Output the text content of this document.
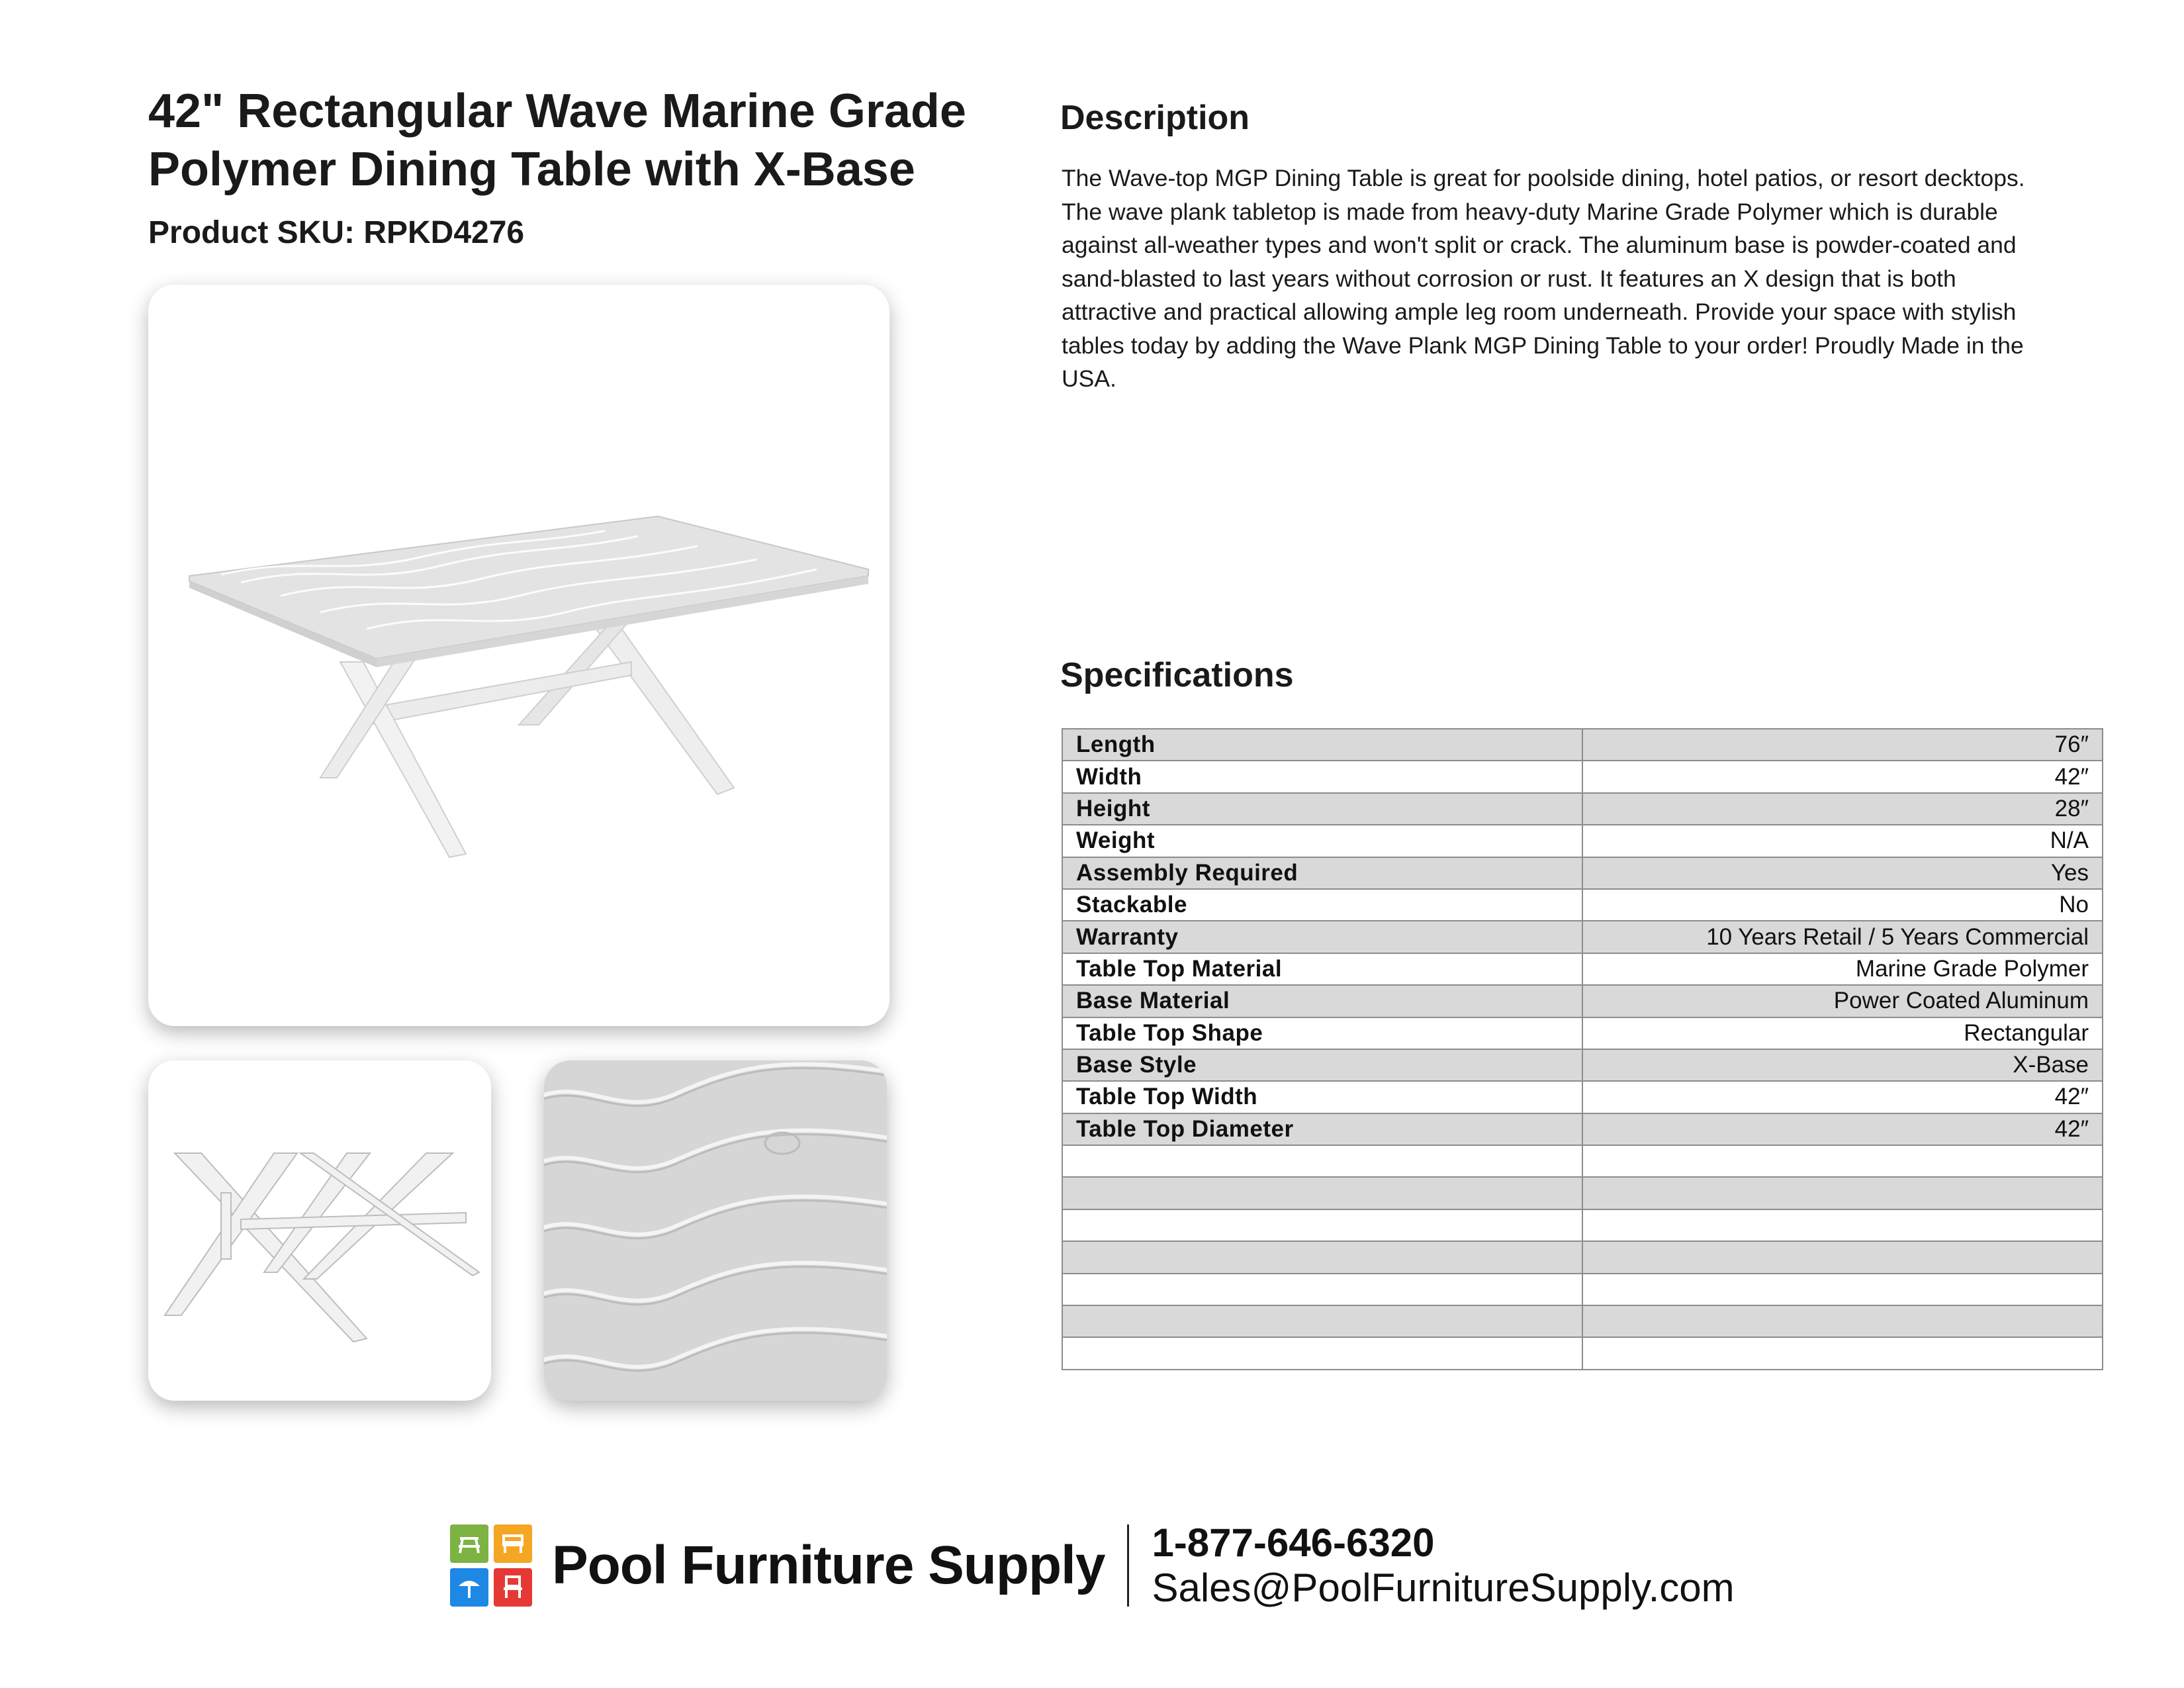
42" Rectangular Wave Marine Grade
Polymer Dining Table with X-Base
Product SKU: RPKD4276
Description

The Wave-top MGP Dining Table is great for poolside dining, hotel patios, or resort decktops. The wave plank tabletop is made from heavy-duty Marine Grade Polymer which is durable against all-weather types and won't split or crack. The aluminum base is powder-coated and sand-blasted to last years without corrosion or rust. It features an X design that is both attractive and practical allowing ample leg room underneath. Provide your space with stylish tables today by adding the Wave Plank MGP Dining Table to your order! Proudly Made in the USA.

Specifications
Length	76″
Width	42″
Height	28″
Weight	N/A
Assembly Required	Yes
Stackable	No
Warranty	10 Years Retail / 5 Years Commercial
Table Top Material	Marine Grade Polymer
Base Material	Power Coated Aluminum
Table Top Shape	Rectangular
Base Style	X-Base
Table Top Width	42″
Table Top Diameter	42″

Pool Furniture Supply 1-877-646-6320
Sales@PoolFurnitureSupply.com
